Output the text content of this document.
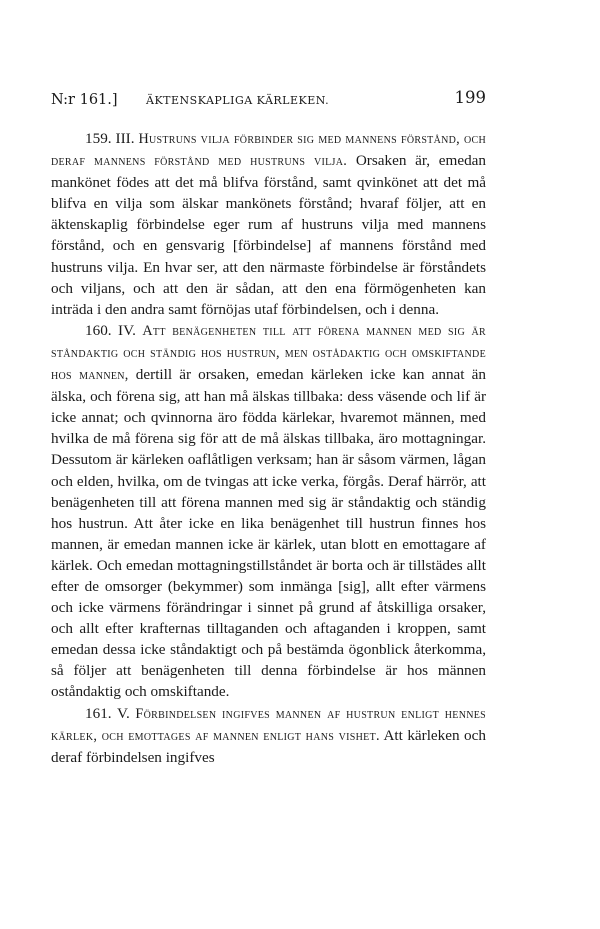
N:r 161.]	ÄKTENSKAPLIGA KÄRLEKEN.	199

159. III. Hustruns vilja förbinder sig med mannens förstånd, och deraf mannens förstånd med hustruns vilja. Orsaken är, emedan mankönet födes att det må blifva förstånd, samt qvinkönet att det må blifva en vilja som älskar mankönets förstånd; hvaraf följer, att en äktenskaplig förbindelse eger rum af hustruns vilja med mannens förstånd, och en gensvarig [förbindelse] af mannens förstånd med hustruns vilja. En hvar ser, att den närmaste förbindelse är förståndets och viljans, och att den är sådan, att den ena förmögenheten kan inträda i den andra samt förnöjas utaf förbindelsen, och i denna.

160. IV. Att benägenheten till att förena mannen med sig är ståndaktig och ständig hos hustrun, men ostådaktig och omskiftande hos mannen, dertill är orsaken, emedan kärleken icke kan annat än älska, och förena sig, att han må älskas tillbaka: dess väsende och lif är icke annat; och qvinnorna äro födda kärlekar, hvaremot männen, med hvilka de må förena sig för att de må älskas tillbaka, äro mottagningar. Dessutom är kärleken oaflåtligen verksam; han är såsom värmen, lågan och elden, hvilka, om de tvingas att icke verka, förgås. Deraf härrör, att benägenheten till att förena mannen med sig är ståndaktig och ständig hos hustrun. Att åter icke en lika benägenhet till hustrun finnes hos mannen, är emedan mannen icke är kärlek, utan blott en emottagare af kärlek. Och emedan mottagningstillståndet är borta och är tillstädes allt efter de omsorger (bekymmer) som inmänga [sig], allt efter värmens och icke värmens förändringar i sinnet på grund af åtskilliga orsaker, och allt efter krafternas tilltaganden och aftaganden i kroppen, samt emedan dessa icke ståndaktigt och på bestämda ögonblick återkomma, så följer att benägenheten till denna förbindelse är hos männen oståndaktig och omskiftande.

161. V. Förbindelsen ingifves mannen af hustrun enligt hennes kärlek, och emottages af mannen enligt hans vishet. Att kärleken och deraf förbindelsen ingifves
